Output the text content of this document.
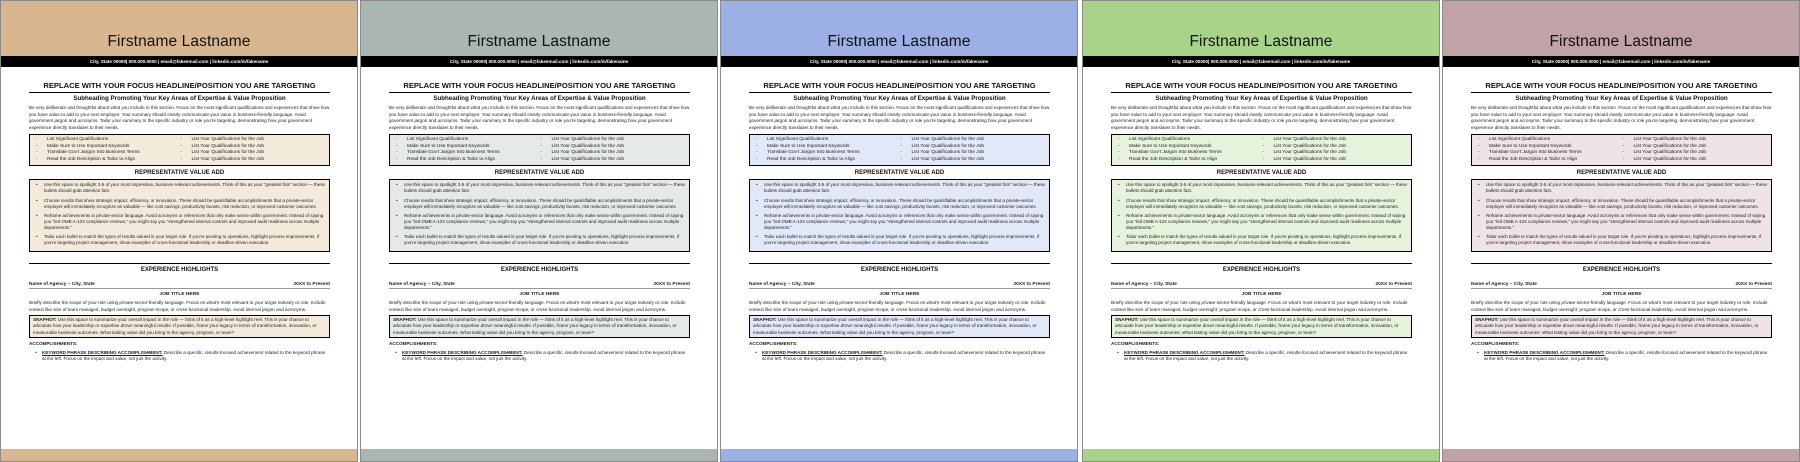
Firstname Lastname
City, State 00000| 000.000.0000 | email@fakeemail.com | linkedin.com/in/fakename
REPLACE WITH YOUR FOCUS HEADLINE/POSITION YOU ARE TARGETING
Subheading Promoting Your Key Areas of Expertise & Value Proposition
Be very deliberate and thoughtful about what you include in this section. Focus on the most significant qualifications and experiences that show how you have value to add to your next employer. Your summary should clearly communicate your value in business-friendly language. Avoid government jargon and acronyms. Tailor your summary to the specific industry or role you're targeting, demonstrating how your government experience directly translates to their needs.
- List Significant Qualifications	- List Your Qualifications for the Job
- Make Sure to Use Important Keywords	- List Your Qualifications for the Job
- Translate Gov't Jargon Into Business Terms	- List Your Qualifications for the Job
- Read the Job Description & Tailor to Align	- List Your Qualifications for the Job
REPRESENTATIVE VALUE ADD
• Use this space to spotlight 3-5 of your most impressive, business-relevant achievements. Think of this as your "greatest hits" section — these bullets should grab attention fast.
• Choose results that show strategic impact, efficiency, or innovation. These should be quantifiable accomplishments that a private-sector employer will immediately recognize as valuable — like cost savings, productivity boosts, risk reduction, or improved customer outcomes.
• Reframe achievements in private-sector language. Avoid acronyms or references that only make sense within government. Instead of saying you "led OMB A-123 compliance reviews," you might say you "strengthened internal controls and improved audit readiness across multiple departments."
• Tailor each bullet to match the types of results valued in your target role. If you're pivoting to operations, highlight process improvements. If you're targeting project management, show examples of cross-functional leadership or deadline-driven execution.
EXPERIENCE HIGHLIGHTS
Name of Agency – City, State	20XX to Present
JOB TITLE HERE
Briefly describe the scope of your role using private-sector-friendly language. Focus on what's most relevant to your target industry or role. Include context like size of team managed, budget oversight, program scope, or cross-functional leadership. Avoid internal jargon and acronyms.
SNAPHOT: Use this space to summarize your overall impact in the role — think of it as a high-level highlight reel. This is your chance to articulate how your leadership or expertise drove meaningful results. If possible, frame your legacy in terms of transformation, innovation, or measurable business outcomes. What lasting value did you bring to the agency, program, or team?
ACCOMPLISHMENTS:
• KEYWORD PHRASE DESCRIBING ACCOMPLISHMENT: Describe a specific, results-focused achievement related to the keyword phrase at the left. Focus on the impact and value, not just the activity.
Firstname Lastname
City, State 00000| 000.000.0000 | email@fakeemail.com | linkedin.com/in/fakename
REPLACE WITH YOUR FOCUS HEADLINE/POSITION YOU ARE TARGETING
Subheading Promoting Your Key Areas of Expertise & Value Proposition
Be very deliberate and thoughtful about what you include in this section. Focus on the most significant qualifications and experiences that show how you have value to add to your next employer. Your summary should clearly communicate your value in business-friendly language. Avoid government jargon and acronyms. Tailor your summary to the specific industry or role you're targeting, demonstrating how your government experience directly translates to their needs.
- List Significant Qualifications	- List Your Qualifications for the Job
- Make Sure to Use Important Keywords	- List Your Qualifications for the Job
- Translate Gov't Jargon Into Business Terms	- List Your Qualifications for the Job
- Read the Job Description & Tailor to Align	- List Your Qualifications for the Job
REPRESENTATIVE VALUE ADD
• Use this space to spotlight 3-5 of your most impressive, business-relevant achievements. Think of this as your "greatest hits" section — these bullets should grab attention fast.
• Choose results that show strategic impact, efficiency, or innovation. These should be quantifiable accomplishments that a private-sector employer will immediately recognize as valuable — like cost savings, productivity boosts, risk reduction, or improved customer outcomes.
• Reframe achievements in private-sector language. Avoid acronyms or references that only make sense within government. Instead of saying you "led OMB A-123 compliance reviews," you might say you "strengthened internal controls and improved audit readiness across multiple departments."
• Tailor each bullet to match the types of results valued in your target role. If you're pivoting to operations, highlight process improvements. If you're targeting project management, show examples of cross-functional leadership or deadline-driven execution.
EXPERIENCE HIGHLIGHTS
Name of Agency – City, State	20XX to Present
JOB TITLE HERE
Briefly describe the scope of your role using private-sector-friendly language. Focus on what's most relevant to your target industry or role. Include context like size of team managed, budget oversight, program scope, or cross-functional leadership. Avoid internal jargon and acronyms.
SNAPHOT: Use this space to summarize your overall impact in the role — think of it as a high-level highlight reel. This is your chance to articulate how your leadership or expertise drove meaningful results. If possible, frame your legacy in terms of transformation, innovation, or measurable business outcomes. What lasting value did you bring to the agency, program, or team?
ACCOMPLISHMENTS:
• KEYWORD PHRASE DESCRIBING ACCOMPLISHMENT: Describe a specific, results-focused achievement related to the keyword phrase at the left. Focus on the impact and value, not just the activity.
Firstname Lastname
City, State 00000| 000.000.0000 | email@fakeemail.com | linkedin.com/in/fakename
REPLACE WITH YOUR FOCUS HEADLINE/POSITION YOU ARE TARGETING
Subheading Promoting Your Key Areas of Expertise & Value Proposition
Be very deliberate and thoughtful about what you include in this section. Focus on the most significant qualifications and experiences that show how you have value to add to your next employer. Your summary should clearly communicate your value in business-friendly language. Avoid government jargon and acronyms. Tailor your summary to the specific industry or role you're targeting, demonstrating how your government experience directly translates to their needs.
- List Significant Qualifications	- List Your Qualifications for the Job
- Make Sure to Use Important Keywords	- List Your Qualifications for the Job
- Translate Gov't Jargon Into Business Terms	- List Your Qualifications for the Job
- Read the Job Description & Tailor to Align	- List Your Qualifications for the Job
REPRESENTATIVE VALUE ADD
• Use this space to spotlight 3-5 of your most impressive, business-relevant achievements. Think of this as your "greatest hits" section — these bullets should grab attention fast.
• Choose results that show strategic impact, efficiency, or innovation. These should be quantifiable accomplishments that a private-sector employer will immediately recognize as valuable — like cost savings, productivity boosts, risk reduction, or improved customer outcomes.
• Reframe achievements in private-sector language. Avoid acronyms or references that only make sense within government. Instead of saying you "led OMB A-123 compliance reviews," you might say you "strengthened internal controls and improved audit readiness across multiple departments."
• Tailor each bullet to match the types of results valued in your target role. If you're pivoting to operations, highlight process improvements. If you're targeting project management, show examples of cross-functional leadership or deadline-driven execution.
EXPERIENCE HIGHLIGHTS
Name of Agency – City, State	20XX to Present
JOB TITLE HERE
Briefly describe the scope of your role using private-sector-friendly language. Focus on what's most relevant to your target industry or role. Include context like size of team managed, budget oversight, program scope, or cross-functional leadership. Avoid internal jargon and acronyms.
SNAPHOT: Use this space to summarize your overall impact in the role — think of it as a high-level highlight reel. This is your chance to articulate how your leadership or expertise drove meaningful results. If possible, frame your legacy in terms of transformation, innovation, or measurable business outcomes. What lasting value did you bring to the agency, program, or team?
ACCOMPLISHMENTS:
• KEYWORD PHRASE DESCRIBING ACCOMPLISHMENT: Describe a specific, results-focused achievement related to the keyword phrase at the left. Focus on the impact and value, not just the activity.
Firstname Lastname
City, State 00000| 000.000.0000 | email@fakeemail.com | linkedin.com/in/fakename
REPLACE WITH YOUR FOCUS HEADLINE/POSITION YOU ARE TARGETING
Subheading Promoting Your Key Areas of Expertise & Value Proposition
Be very deliberate and thoughtful about what you include in this section. Focus on the most significant qualifications and experiences that show how you have value to add to your next employer. Your summary should clearly communicate your value in business-friendly language. Avoid government jargon and acronyms. Tailor your summary to the specific industry or role you're targeting, demonstrating how your government experience directly translates to their needs.
- List Significant Qualifications	- List Your Qualifications for the Job
- Make Sure to Use Important Keywords	- List Your Qualifications for the Job
- Translate Gov't Jargon Into Business Terms	- List Your Qualifications for the Job
- Read the Job Description & Tailor to Align	- List Your Qualifications for the Job
REPRESENTATIVE VALUE ADD
• Use this space to spotlight 3-5 of your most impressive, business-relevant achievements. Think of this as your "greatest hits" section — these bullets should grab attention fast.
• Choose results that show strategic impact, efficiency, or innovation. These should be quantifiable accomplishments that a private-sector employer will immediately recognize as valuable — like cost savings, productivity boosts, risk reduction, or improved customer outcomes.
• Reframe achievements in private-sector language. Avoid acronyms or references that only make sense within government. Instead of saying you "led OMB A-123 compliance reviews," you might say you "strengthened internal controls and improved audit readiness across multiple departments."
• Tailor each bullet to match the types of results valued in your target role. If you're pivoting to operations, highlight process improvements. If you're targeting project management, show examples of cross-functional leadership or deadline-driven execution.
EXPERIENCE HIGHLIGHTS
Name of Agency – City, State	20XX to Present
JOB TITLE HERE
Briefly describe the scope of your role using private-sector-friendly language. Focus on what's most relevant to your target industry or role. Include context like size of team managed, budget oversight, program scope, or cross-functional leadership. Avoid internal jargon and acronyms.
SNAPHOT: Use this space to summarize your overall impact in the role — think of it as a high-level highlight reel. This is your chance to articulate how your leadership or expertise drove meaningful results. If possible, frame your legacy in terms of transformation, innovation, or measurable business outcomes. What lasting value did you bring to the agency, program, or team?
ACCOMPLISHMENTS:
• KEYWORD PHRASE DESCRIBING ACCOMPLISHMENT: Describe a specific, results-focused achievement related to the keyword phrase at the left. Focus on the impact and value, not just the activity.
Firstname Lastname
City, State 00000| 000.000.0000 | email@fakeemail.com | linkedin.com/in/fakename
REPLACE WITH YOUR FOCUS HEADLINE/POSITION YOU ARE TARGETING
Subheading Promoting Your Key Areas of Expertise & Value Proposition
Be very deliberate and thoughtful about what you include in this section. Focus on the most significant qualifications and experiences that show how you have value to add to your next employer. Your summary should clearly communicate your value in business-friendly language. Avoid government jargon and acronyms. Tailor your summary to the specific industry or role you're targeting, demonstrating how your government experience directly translates to their needs.
- List Significant Qualifications	- List Your Qualifications for the Job
- Make Sure to Use Important Keywords	- List Your Qualifications for the Job
- Translate Gov't Jargon Into Business Terms	- List Your Qualifications for the Job
- Read the Job Description & Tailor to Align	- List Your Qualifications for the Job
REPRESENTATIVE VALUE ADD
• Use this space to spotlight 3-5 of your most impressive, business-relevant achievements. Think of this as your "greatest hits" section — these bullets should grab attention fast.
• Choose results that show strategic impact, efficiency, or innovation. These should be quantifiable accomplishments that a private-sector employer will immediately recognize as valuable — like cost savings, productivity boosts, risk reduction, or improved customer outcomes.
• Reframe achievements in private-sector language. Avoid acronyms or references that only make sense within government. Instead of saying you "led OMB A-123 compliance reviews," you might say you "strengthened internal controls and improved audit readiness across multiple departments."
• Tailor each bullet to match the types of results valued in your target role. If you're pivoting to operations, highlight process improvements. If you're targeting project management, show examples of cross-functional leadership or deadline-driven execution.
EXPERIENCE HIGHLIGHTS
Name of Agency – City, State	20XX to Present
JOB TITLE HERE
Briefly describe the scope of your role using private-sector-friendly language. Focus on what's most relevant to your target industry or role. Include context like size of team managed, budget oversight, program scope, or cross-functional leadership. Avoid internal jargon and acronyms.
SNAPHOT: Use this space to summarize your overall impact in the role — think of it as a high-level highlight reel. This is your chance to articulate how your leadership or expertise drove meaningful results. If possible, frame your legacy in terms of transformation, innovation, or measurable business outcomes. What lasting value did you bring to the agency, program, or team?
ACCOMPLISHMENTS:
• KEYWORD PHRASE DESCRIBING ACCOMPLISHMENT: Describe a specific, results-focused achievement related to the keyword phrase at the left. Focus on the impact and value, not just the activity.
